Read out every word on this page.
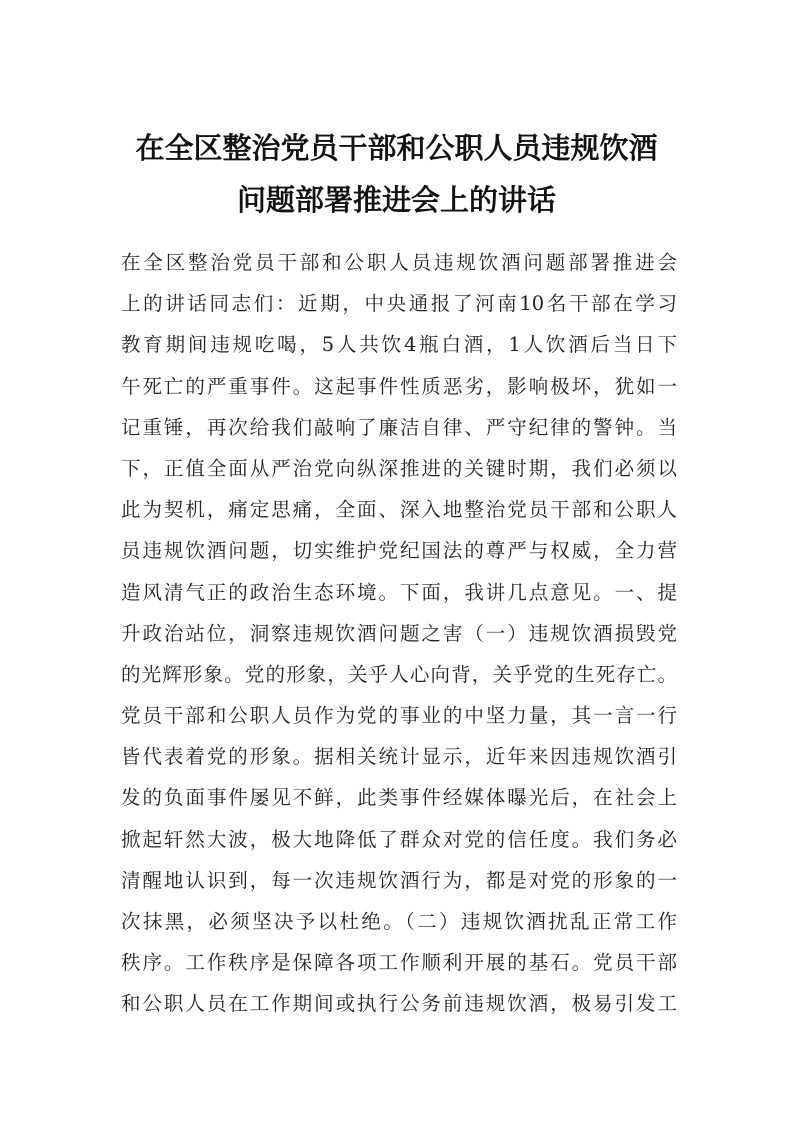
在全区整治党员干部和公职人员违规饮酒
问题部署推进会上的讲话
在全区整治党员干部和公职人员违规饮酒问题部署推进会
上的讲话同志们：近期，中央通报了河南10名干部在学习
教育期间违规吃喝，5人共饮4瓶白酒，1人饮酒后当日下
午死亡的严重事件。这起事件性质恶劣，影响极坏，犹如一
记重锤，再次给我们敲响了廉洁自律、严守纪律的警钟。当
下，正值全面从严治党向纵深推进的关键时期，我们必须以
此为契机，痛定思痛，全面、深入地整治党员干部和公职人
员违规饮酒问题，切实维护党纪国法的尊严与权威，全力营
造风清气正的政治生态环境。下面，我讲几点意见。一、提
升政治站位，洞察违规饮酒问题之害（一）违规饮酒损毁党
的光辉形象。党的形象，关乎人心向背，关乎党的生死存亡。
党员干部和公职人员作为党的事业的中坚力量，其一言一行
皆代表着党的形象。据相关统计显示，近年来因违规饮酒引
发的负面事件屡见不鲜，此类事件经媒体曝光后，在社会上
掀起轩然大波，极大地降低了群众对党的信任度。我们务必
清醒地认识到，每一次违规饮酒行为，都是对党的形象的一
次抹黑，必须坚决予以杜绝。（二）违规饮酒扰乱正常工作
秩序。工作秩序是保障各项工作顺利开展的基石。党员干部
和公职人员在工作期间或执行公务前违规饮酒，极易引发工
